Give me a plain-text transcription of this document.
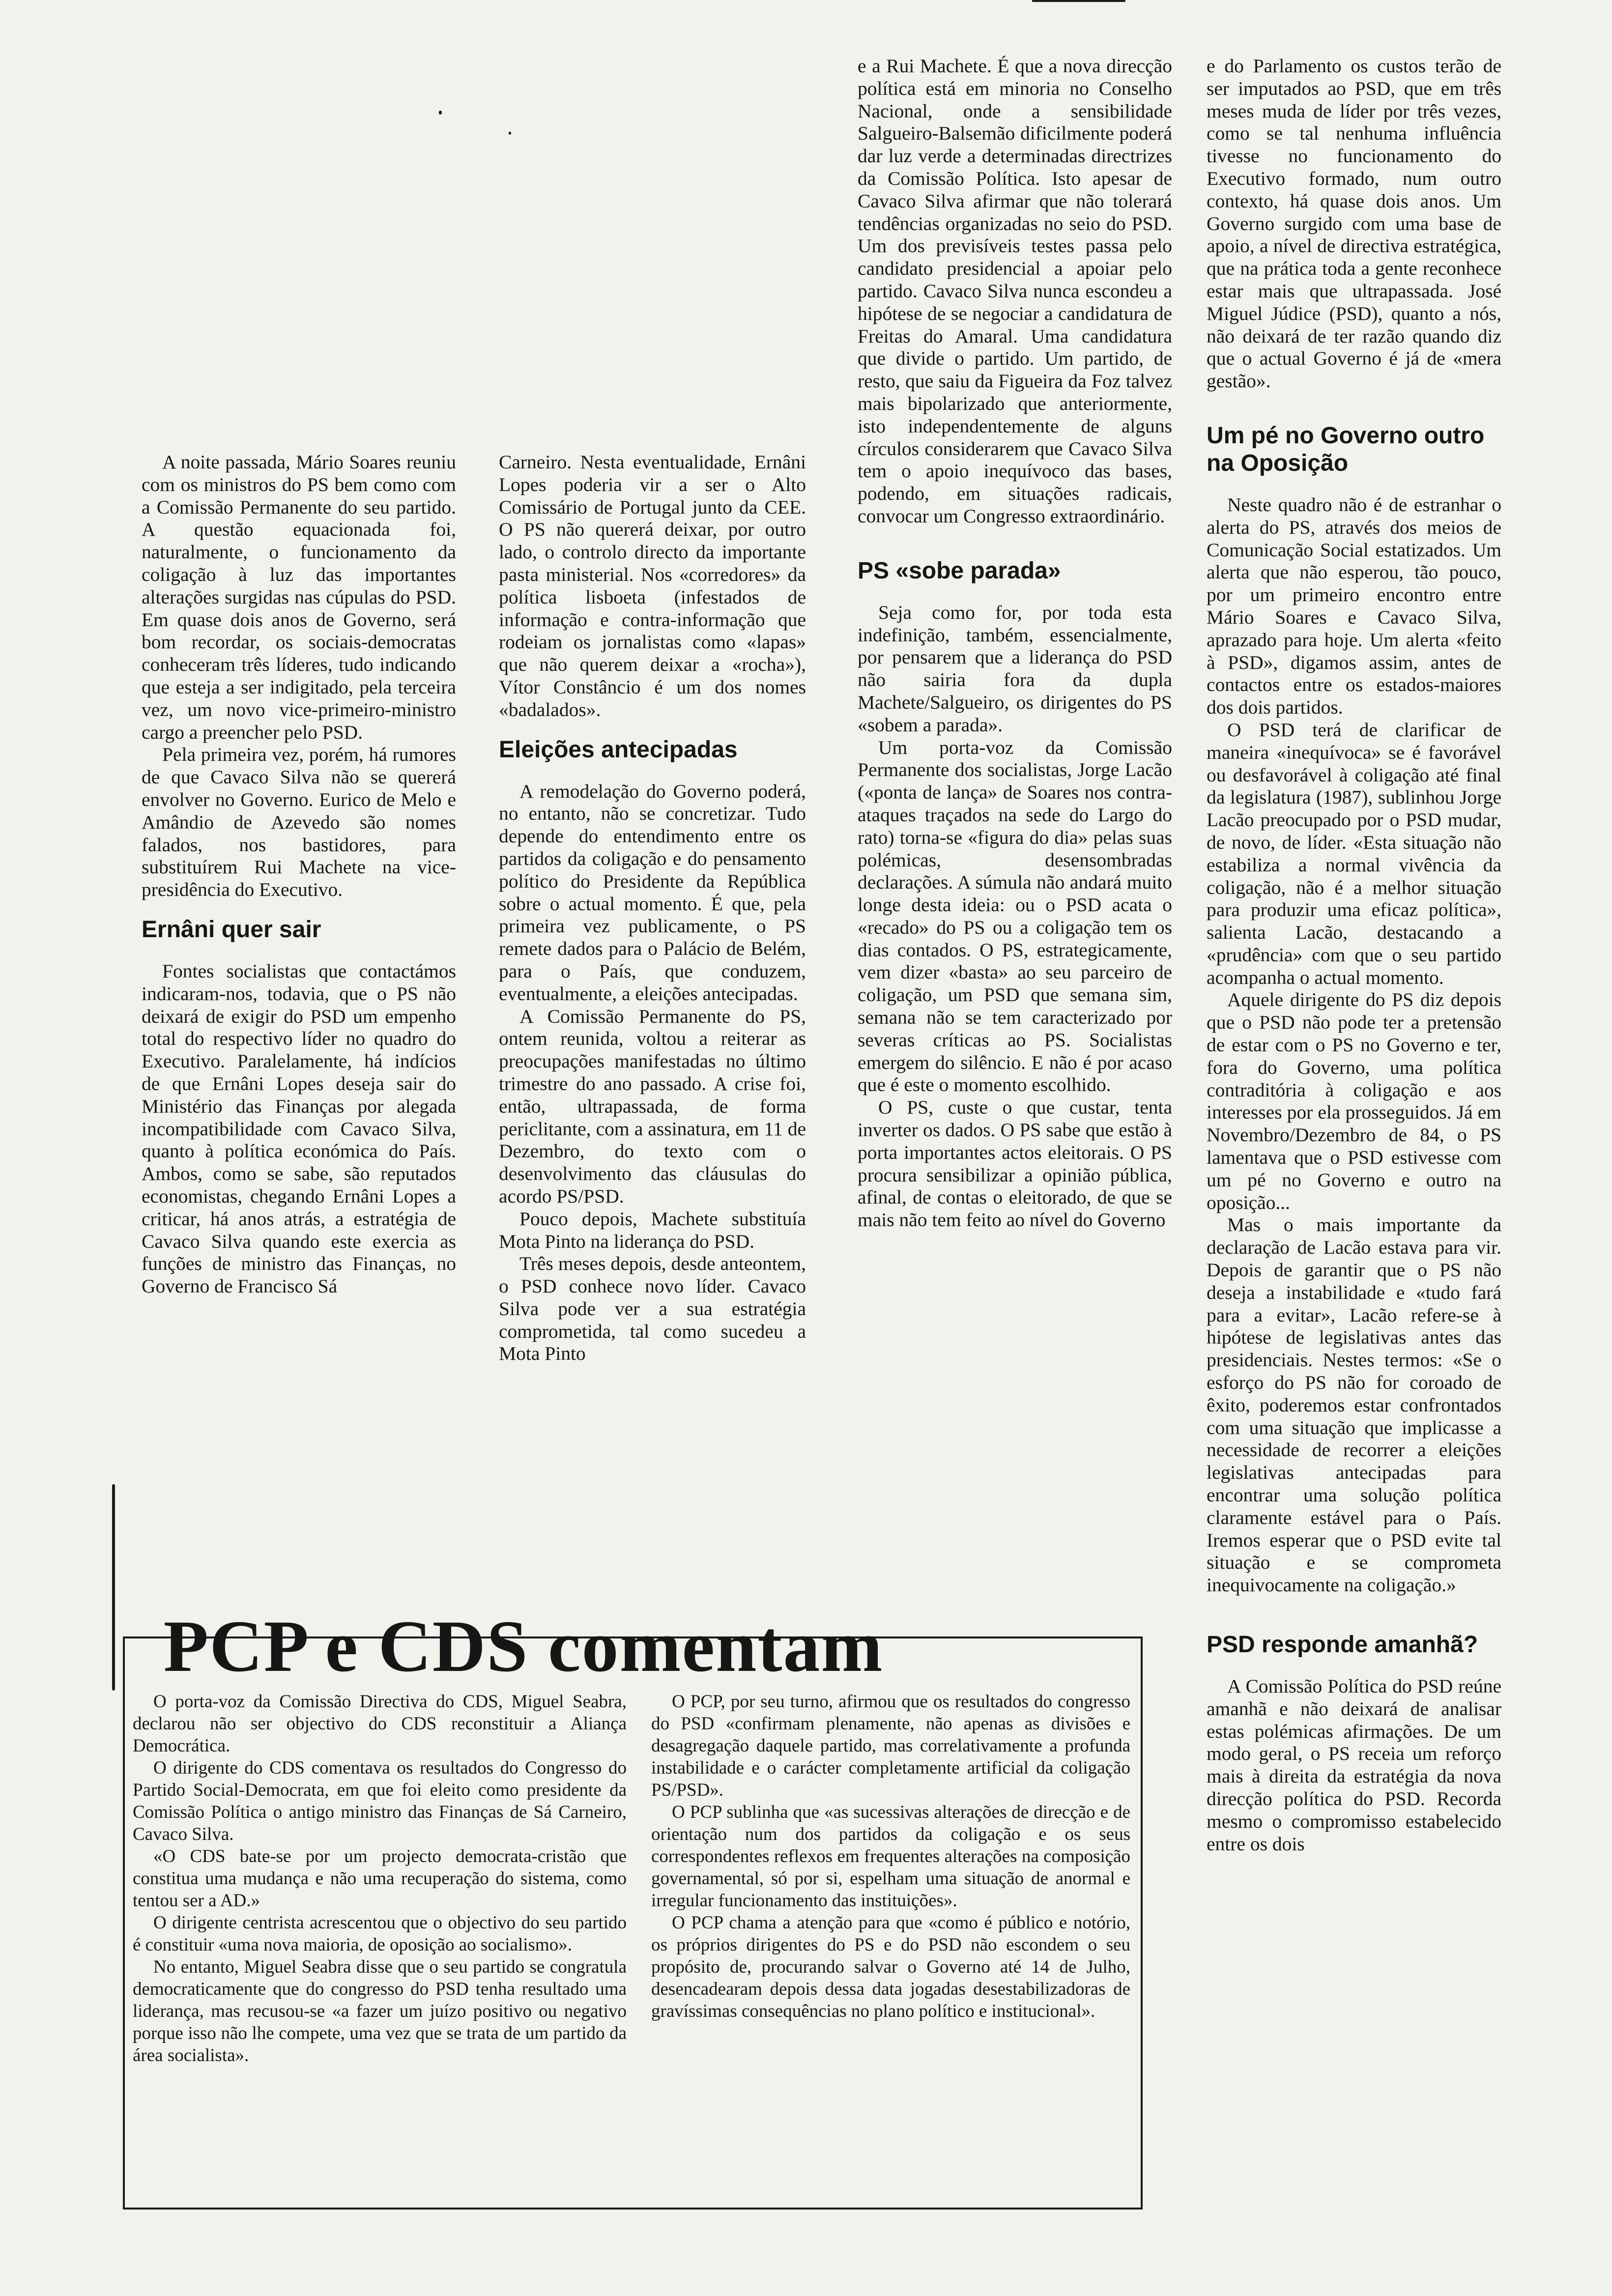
A noite passada, Mário Soares reuniu com os ministros do PS bem como com a Comissão Permanente do seu partido. A questão equacionada foi, naturalmente, o funcionamento da coligação à luz das importantes alterações surgidas nas cúpulas do PSD. Em quase dois anos de Governo, será bom recordar, os sociais-democratas conheceram três líderes, tudo indicando que esteja a ser indigitado, pela terceira vez, um novo vice-primeiro-ministro cargo a preencher pelo PSD.

Pela primeira vez, porém, há rumores de que Cavaco Silva não se quererá envolver no Governo. Eurico de Melo e Amândio de Azevedo são nomes falados, nos bastidores, para substituírem Rui Machete na vice-presidência do Executivo.

Ernâni quer sair

Fontes socialistas que contactámos indicaram-nos, todavia, que o PS não deixará de exigir do PSD um empenho total do respectivo líder no quadro do Executivo. Paralelamente, há indícios de que Ernâni Lopes deseja sair do Ministério das Finanças por alegada incompatibilidade com Cavaco Silva, quanto à política económica do País. Ambos, como se sabe, são reputados economistas, chegando Ernâni Lopes a criticar, há anos atrás, a estratégia de Cavaco Silva quando este exercia as funções de ministro das Finanças, no Governo de Francisco Sá

Carneiro. Nesta eventualidade, Ernâni Lopes poderia vir a ser o Alto Comissário de Portugal junto da CEE. O PS não quererá deixar, por outro lado, o controlo directo da importante pasta ministerial. Nos «corredores» da política lisboeta (infestados de informação e contra-informação que rodeiam os jornalistas como «lapas» que não querem deixar a «rocha»), Vítor Constâncio é um dos nomes «badalados».

Eleições antecipadas

A remodelação do Governo poderá, no entanto, não se concretizar. Tudo depende do entendimento entre os partidos da coligação e do pensamento político do Presidente da República sobre o actual momento. É que, pela primeira vez publicamente, o PS remete dados para o Palácio de Belém, para o País, que conduzem, eventualmente, a eleições antecipadas.

A Comissão Permanente do PS, ontem reunida, voltou a reiterar as preocupações manifestadas no último trimestre do ano passado. A crise foi, então, ultrapassada, de forma periclitante, com a assinatura, em 11 de Dezembro, do texto com o desenvolvimento das cláusulas do acordo PS/PSD.

Pouco depois, Machete substituía Mota Pinto na liderança do PSD.

Três meses depois, desde anteontem, o PSD conhece novo líder. Cavaco Silva pode ver a sua estratégia comprometida, tal como sucedeu a Mota Pinto

e a Rui Machete. É que a nova direcção política está em minoria no Conselho Nacional, onde a sensibilidade Salgueiro-Balsemão dificilmente poderá dar luz verde a determinadas directrizes da Comissão Política. Isto apesar de Cavaco Silva afirmar que não tolerará tendências organizadas no seio do PSD. Um dos previsíveis testes passa pelo candidato presidencial a apoiar pelo partido. Cavaco Silva nunca escondeu a hipótese de se negociar a candidatura de Freitas do Amaral. Uma candidatura que divide o partido. Um partido, de resto, que saiu da Figueira da Foz talvez mais bipolarizado que anteriormente, isto independentemente de alguns círculos considerarem que Cavaco Silva tem o apoio inequívoco das bases, podendo, em situações radicais, convocar um Congresso extraordinário.

PS «sobe parada»

Seja como for, por toda esta indefinição, também, essencialmente, por pensarem que a liderança do PSD não sairia fora da dupla Machete/Salgueiro, os dirigentes do PS «sobem a parada».

Um porta-voz da Comissão Permanente dos socialistas, Jorge Lacão («ponta de lança» de Soares nos contra-ataques traçados na sede do Largo do rato) torna-se «figura do dia» pelas suas polémicas, desensombradas declarações. A súmula não andará muito longe desta ideia: ou o PSD acata o «recado» do PS ou a coligação tem os dias contados. O PS, estrategicamente, vem dizer «basta» ao seu parceiro de coligação, um PSD que semana sim, semana não se tem caracterizado por severas críticas ao PS. Socialistas emergem do silêncio. E não é por acaso que é este o momento escolhido.

O PS, custe o que custar, tenta inverter os dados. O PS sabe que estão à porta importantes actos eleitorais. O PS procura sensibilizar a opinião pública, afinal, de contas o eleitorado, de que se mais não tem feito ao nível do Governo

e do Parlamento os custos terão de ser imputados ao PSD, que em três meses muda de líder por três vezes, como se tal nenhuma influência tivesse no funcionamento do Executivo formado, num outro contexto, há quase dois anos. Um Governo surgido com uma base de apoio, a nível de directiva estratégica, que na prática toda a gente reconhece estar mais que ultrapassada. José Miguel Júdice (PSD), quanto a nós, não deixará de ter razão quando diz que o actual Governo é já de «mera gestão».

Um pé no Governo outro na Oposição

Neste quadro não é de estranhar o alerta do PS, através dos meios de Comunicação Social estatizados. Um alerta que não esperou, tão pouco, por um primeiro encontro entre Mário Soares e Cavaco Silva, aprazado para hoje. Um alerta «feito à PSD», digamos assim, antes de contactos entre os estados-maiores dos dois partidos.

O PSD terá de clarificar de maneira «inequívoca» se é favorável ou desfavorável à coligação até final da legislatura (1987), sublinhou Jorge Lacão preocupado por o PSD mudar, de novo, de líder. «Esta situação não estabiliza a normal vivência da coligação, não é a melhor situação para produzir uma eficaz política», salienta Lacão, destacando a «prudência» com que o seu partido acompanha o actual momento.

Aquele dirigente do PS diz depois que o PSD não pode ter a pretensão de estar com o PS no Governo e ter, fora do Governo, uma política contraditória à coligação e aos interesses por ela prosseguidos. Já em Novembro/Dezembro de 84, o PS lamentava que o PSD estivesse com um pé no Governo e outro na oposição...

Mas o mais importante da declaração de Lacão estava para vir. Depois de garantir que o PS não deseja a instabilidade e «tudo fará para a evitar», Lacão refere-se à hipótese de legislativas antes das presidenciais. Nestes termos: «Se o esforço do PS não for coroado de êxito, poderemos estar confrontados com uma situação que implicasse a necessidade de recorrer a eleições legislativas antecipadas para encontrar uma solução política claramente estável para o País. Iremos esperar que o PSD evite tal situação e se comprometa inequivocamente na coligação.»

PSD responde amanhã?

A Comissão Política do PSD reúne amanhã e não deixará de analisar estas polémicas afirmações. De um modo geral, o PS receia um reforço mais à direita da estratégia da nova direcção política do PSD. Recorda mesmo o compromisso estabelecido entre os dois

PCP e CDS comentam

O porta-voz da Comissão Directiva do CDS, Miguel Seabra, declarou não ser objectivo do CDS reconstituir a Aliança Democrática.

O dirigente do CDS comentava os resultados do Congresso do Partido Social-Democrata, em que foi eleito como presidente da Comissão Política o antigo ministro das Finanças de Sá Carneiro, Cavaco Silva.

«O CDS bate-se por um projecto democrata-cristão que constitua uma mudança e não uma recuperação do sistema, como tentou ser a AD.»

O dirigente centrista acrescentou que o objectivo do seu partido é constituir «uma nova maioria, de oposição ao socialismo».

No entanto, Miguel Seabra disse que o seu partido se congratula democraticamente que do congresso do PSD tenha resultado uma liderança, mas recusou-se «a fazer um juízo positivo ou negativo porque isso não lhe compete, uma vez que se trata de um partido da área socialista».

O PCP, por seu turno, afirmou que os resultados do congresso do PSD «confirmam plenamente, não apenas as divisões e desagregação daquele partido, mas correlativamente a profunda instabilidade e o carácter completamente artificial da coligação PS/PSD».

O PCP sublinha que «as sucessivas alterações de direcção e de orientação num dos partidos da coligação e os seus correspondentes reflexos em frequentes alterações na composição governamental, só por si, espelham uma situação de anormal e irregular funcionamento das instituições».

O PCP chama a atenção para que «como é público e notório, os próprios dirigentes do PS e do PSD não escondem o seu propósito de, procurando salvar o Governo até 14 de Julho, desencadearam depois dessa data jogadas desestabilizadoras de gravíssimas consequências no plano político e institucional».
